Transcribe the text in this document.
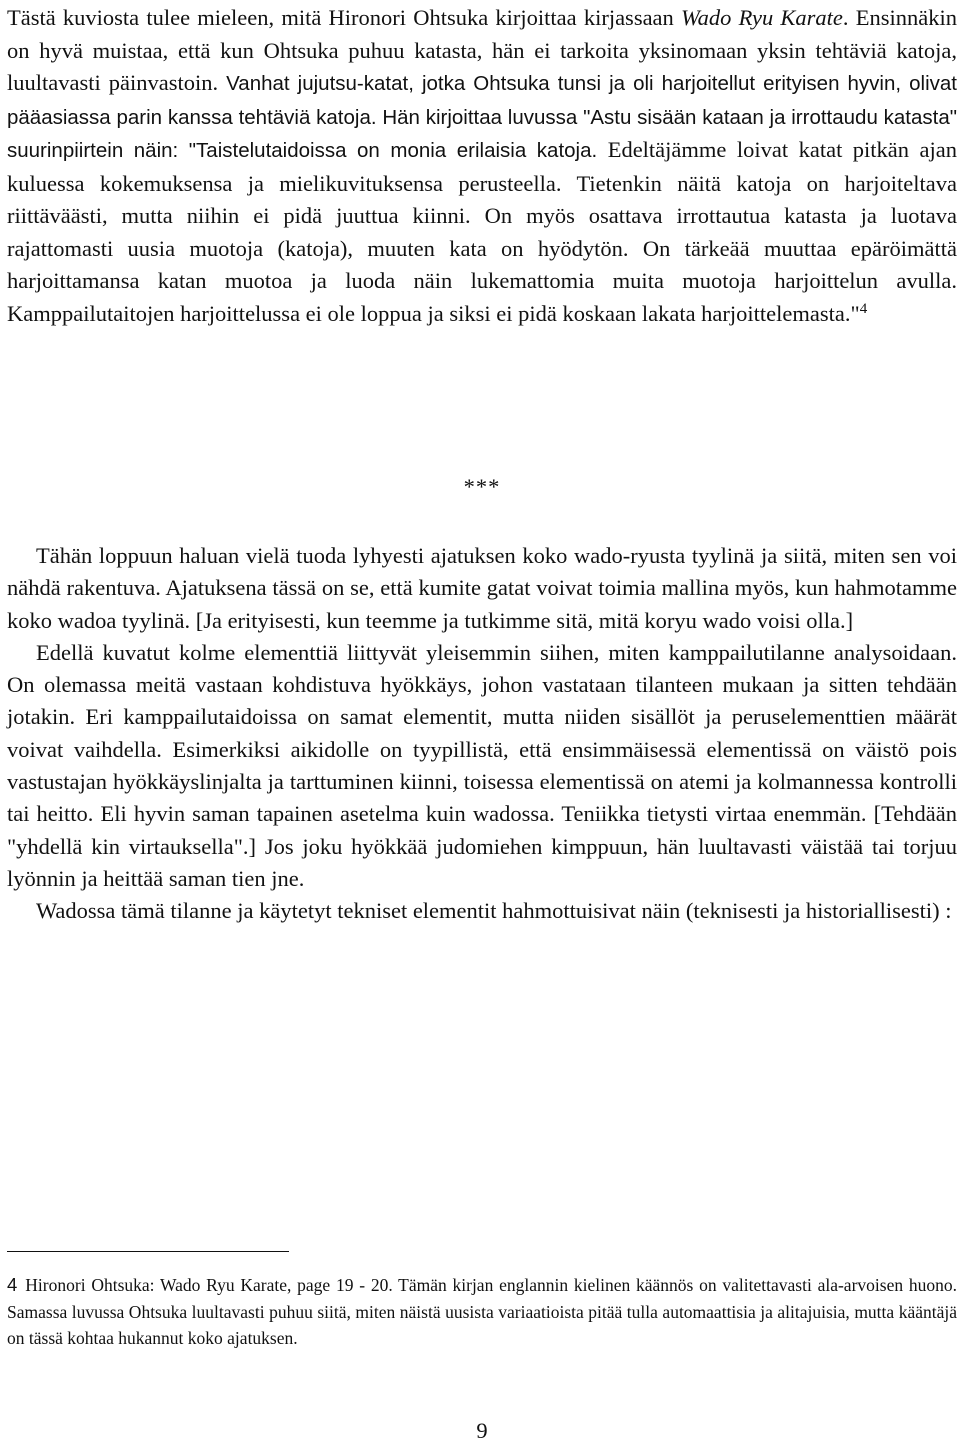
Tästä kuviosta tulee mieleen, mitä Hironori Ohtsuka kirjoittaa kirjassaan Wado Ryu Karate. Ensinnäkin on hyvä muistaa, että kun Ohtsuka puhuu katasta, hän ei tarkoita yksinomaan yksin tehtäviä katoja, luultavasti päinvastoin. Vanhat jujutsu-katat, jotka Ohtsuka tunsi ja oli harjoitellut erityisen hyvin, olivat pääasiassa parin kanssa tehtäviä katoja. Hän kirjoittaa luvussa "Astu sisään kataan ja irrottaudu katasta" suurinpiirtein näin: "Taistelutaidoissa on monia erilaisia katoja. Edeltäjämme loivat katat pitkän ajan kuluessa kokemuksensa ja mielikuvituksensa perusteella. Tietenkin näitä katoja on harjoiteltava riittäväästi, mutta niihin ei pidä juuttua kiinni. On myös osattava irrottautua katasta ja luotava rajattomasti uusia muotoja (katoja), muuten kata on hyödytön. On tärkeää muuttaa epäröimättä harjoittamansa katan muotoa ja luoda näin lukemattomia muita muotoja harjoittelun avulla. Kamppailutaitojen harjoittelussa ei ole loppua ja siksi ei pidä koskaan lakata harjoittelemasta."$^4$
***

Tähän loppuun haluan vielä tuoda lyhyesti ajatuksen koko wado-ryusta tyylinä ja siitä, miten sen voi nähdä rakentuva. Ajatuksena tässä on se, että kumite gatat voivat toimia mallina myös, kun hahmotamme koko wadoa tyylinä. [Ja erityisesti, kun teemme ja tutkimme sitä, mitä koryu wado voisi olla.]

Edellä kuvatut kolme elementtiä liittyvät yleisemmin siihen, miten kamppailutilanne analysoidaan. On olemassa meitä vastaan kohdistuva hyökkäys, johon vastataan tilanteen mukaan ja sitten tehdään jotakin. Eri kamppailutaidoissa on samat elementit, mutta niiden sisällöt ja peruselementtien määrät voivat vaihdella. Esimerkiksi aikidolle on tyypillistä, että ensimmäisessä elementissä on väistö pois vastustajan hyökkäyslinjalta ja tarttuminen kiinni, toisessa elementissä on atemi ja kolmannessa kontrolli tai heitto. Eli hyvin saman tapainen asetelma kuin wadossa. Teniikka tietysti virtaa enemmän. [Tehdään "yhdellä kin virtauksella".] Jos joku hyökkää judomiehen kimppuun, hän luultavasti väistää tai torjuu lyönnin ja heittää saman tien jne.

Wadossa tämä tilanne ja käytetyt tekniset elementit hahmottuisivat näin (teknisesti ja historiallisesti) :

4 Hironori Ohtsuka: Wado Ryu Karate, page 19 - 20. Tämän kirjan englannin kielinen käännös on valitettavasti ala-arvoisen huono. Samassa luvussa Ohtsuka luultavasti puhuu siitä, miten näistä uusista variaatioista pitää tulla automaattisia ja alitajuisia, mutta kääntäjä on tässä kohtaa hukannut koko ajatuksen.
9
